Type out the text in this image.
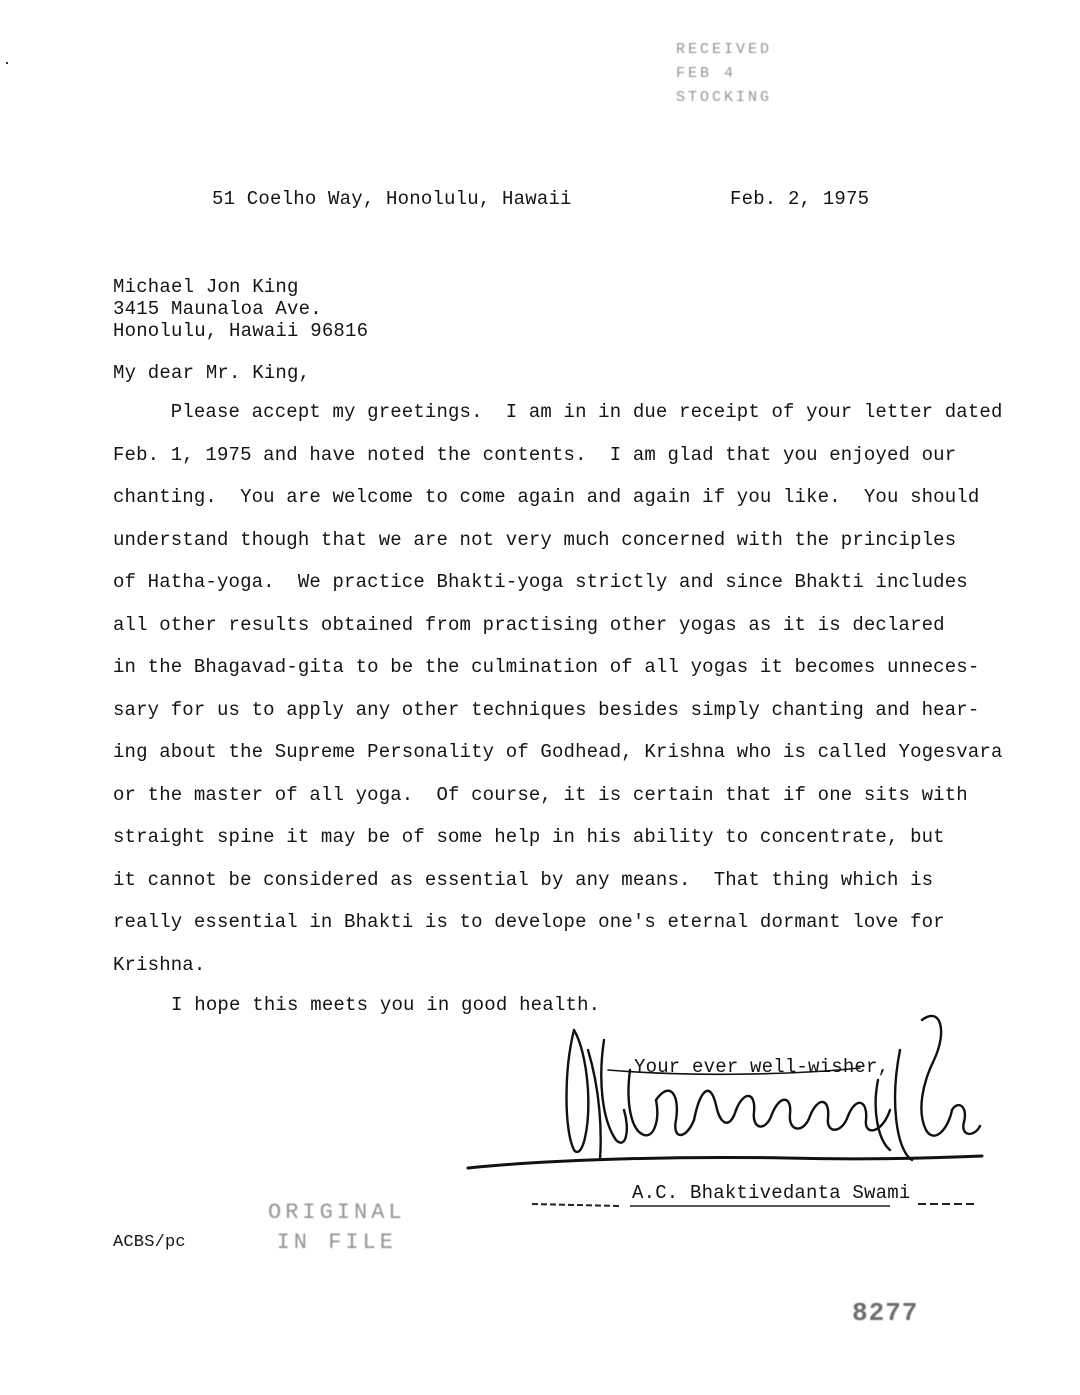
RECEIVED
FEB 4
STOCKING
51 Coelho Way, Honolulu, Hawaii	Feb. 2, 1975
Michael Jon King
3415 Maunaloa Ave.
Honolulu, Hawaii 96816
My dear Mr. King,
Please accept my greetings.  I am in in due receipt of your letter dated
Feb. 1, 1975 and have noted the contents.  I am glad that you enjoyed our
chanting.  You are welcome to come again and again if you like.  You should
understand though that we are not very much concerned with the principles
of Hatha-yoga.  We practice Bhakti-yoga strictly and since Bhakti includes
all other results obtained from practising other yogas as it is declared
in the Bhagavad-gita to be the culmination of all yogas it becomes unneces-
sary for us to apply any other techniques besides simply chanting and hear-
ing about the Supreme Personality of Godhead, Krishna who is called Yogesvara
or the master of all yoga.  Of course, it is certain that if one sits with
straight spine it may be of some help in his ability to concentrate, but
it cannot be considered as essential by any means.  That thing which is
really essential in Bhakti is to develope one's eternal dormant love for
Krishna.
I hope this meets you in good health.
Your ever well-wisher,
A.C. Bhaktivedanta Swami
ACBS/pc
ORIGINAL
IN FILE
8277
